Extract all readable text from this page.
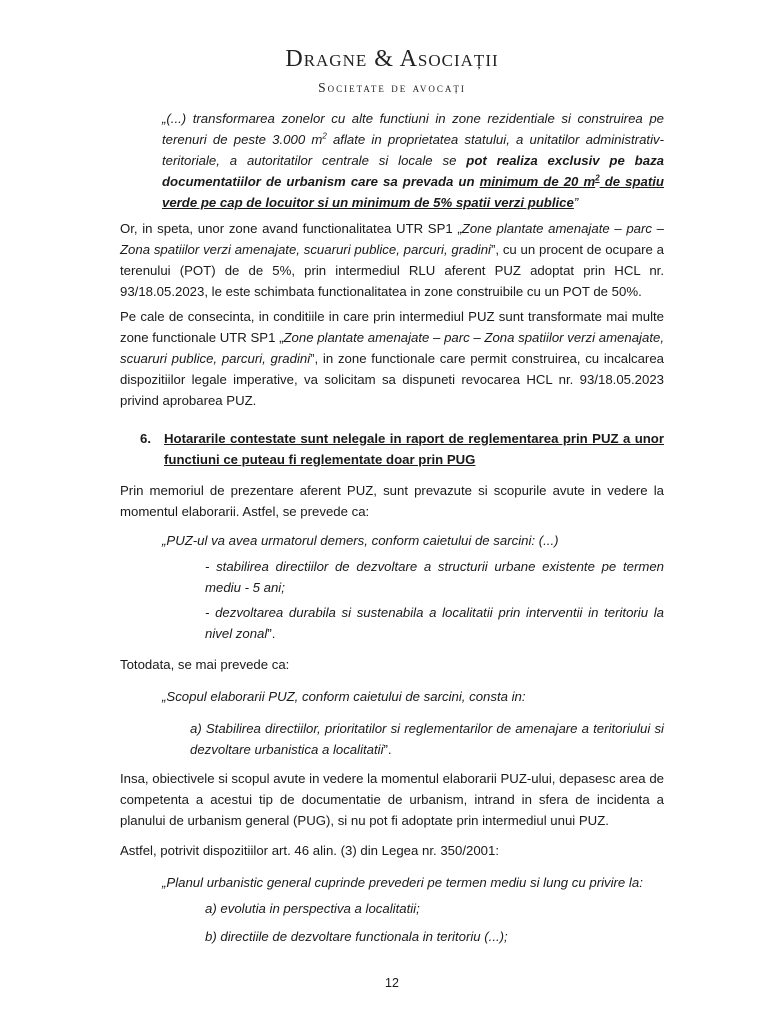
Dragne & Asociații
Societate de avocați

„(...) transformarea zonelor cu alte functiuni in zone rezidentiale si construirea pe terenuri de peste 3.000 $m^2$ aflate in proprietatea statului, a unitatilor administrativ-teritoriale, a autoritatilor centrale si locale se pot realiza exclusiv pe baza documentatiilor de urbanism care sa prevada un minimum de 20 $m^2$ de spatiu verde pe cap de locuitor si un minimum de 5% spatii verzi publice”

Or, in speta, unor zone avand functionalitatea UTR SP1 „Zone plantate amenajate – parc – Zona spatiilor verzi amenajate, scuaruri publice, parcuri, gradini”, cu un procent de ocupare a terenului (POT) de de 5%, prin intermediul RLU aferent PUZ adoptat prin HCL nr. 93/18.05.2023, le este schimbata functionalitatea in zone construibile cu un POT de 50%.

Pe cale de consecinta, in conditiile in care prin intermediul PUZ sunt transformate mai multe zone functionale UTR SP1 „Zone plantate amenajate – parc – Zona spatiilor verzi amenajate, scuaruri publice, parcuri, gradini”, in zone functionale care permit construirea, cu incalcarea dispozitiilor legale imperative, va solicitam sa dispuneti revocarea HCL nr. 93/18.05.2023 privind aprobarea PUZ.

6. Hotararile contestate sunt nelegale in raport de reglementarea prin PUZ a unor functiuni ce puteau fi reglementate doar prin PUG

Prin memoriul de prezentare aferent PUZ, sunt prevazute si scopurile avute in vedere la momentul elaborarii. Astfel, se prevede ca:

„PUZ-ul va avea urmatorul demers, conform caietului de sarcini: (...)

- stabilirea directiilor de dezvoltare a structurii urbane existente pe termen mediu - 5 ani;

- dezvoltarea durabila si sustenabila a localitatii prin interventii in teritoriu la nivel zonal”.

Totodata, se mai prevede ca:

„Scopul elaborarii PUZ, conform caietului de sarcini, consta in:

a) Stabilirea directiilor, prioritatilor si reglementarilor de amenajare a teritoriului si dezvoltare urbanistica a localitatii”.

Insa, obiectivele si scopul avute in vedere la momentul elaborarii PUZ-ului, depasesc area de competenta a acestui tip de documentatie de urbanism, intrand in sfera de incidenta a planului de urbanism general (PUG), si nu pot fi adoptate prin intermediul unui PUZ.

Astfel, potrivit dispozitiilor art. 46 alin. (3) din Legea nr. 350/2001:

„Planul urbanistic general cuprinde prevederi pe termen mediu si lung cu privire la:

a) evolutia in perspectiva a localitatii;

b) directiile de dezvoltare functionala in teritoriu (...);

12
